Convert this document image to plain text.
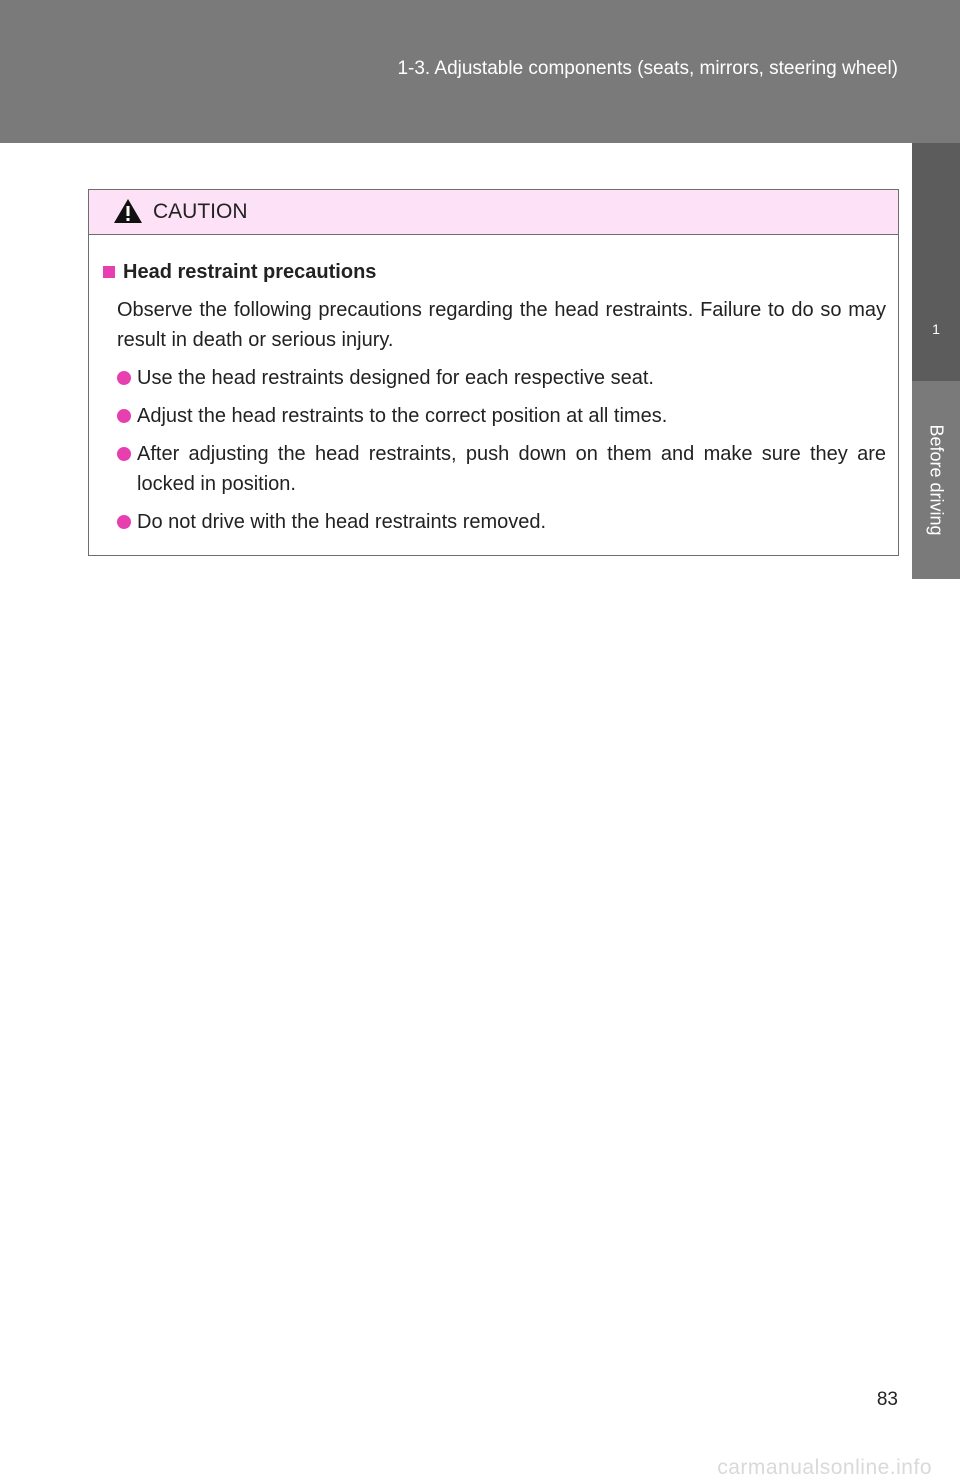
1-3. Adjustable components (seats, mirrors, steering wheel)
1
Before driving
CAUTION
Head restraint precautions
Observe the following precautions regarding the head restraints. Failure to do so may result in death or serious injury.
Use the head restraints designed for each respective seat.
Adjust the head restraints to the correct position at all times.
After adjusting the head restraints, push down on them and make sure they are locked in position.
Do not drive with the head restraints removed.
83
carmanualsonline.info
